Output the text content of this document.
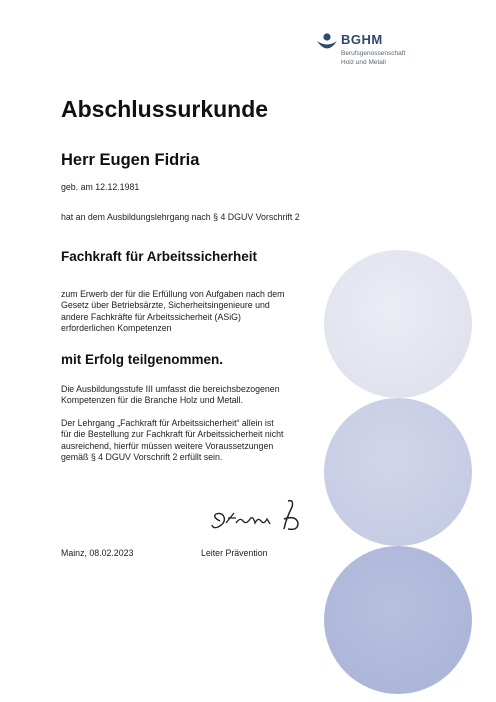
BGHM
Berufsgenossenschaft
Holz und Metall
Abschlussurkunde
Herr Eugen Fidria
geb. am 12.12.1981
hat an dem Ausbildungslehrgang nach § 4 DGUV Vorschrift 2
Fachkraft für Arbeitssicherheit
zum Erwerb der für die Erfüllung von Aufgaben nach dem
Gesetz über Betriebsärzte, Sicherheitsingenieure und
andere Fachkräfte für Arbeitssicherheit (ASiG)
erforderlichen Kompetenzen
mit Erfolg teilgenommen.
Die Ausbildungsstufe III umfasst die bereichsbezogenen
Kompetenzen für die Branche Holz und Metall.
Der Lehrgang „Fachkraft für Arbeitssicherheit“ allein ist
für die Bestellung zur Fachkraft für Arbeitssicherheit nicht
ausreichend, hierfür müssen weitere Voraussetzungen
gemäß § 4 DGUV Vorschrift 2 erfüllt sein.
Mainz, 08.02.2023	Leiter Prävention
